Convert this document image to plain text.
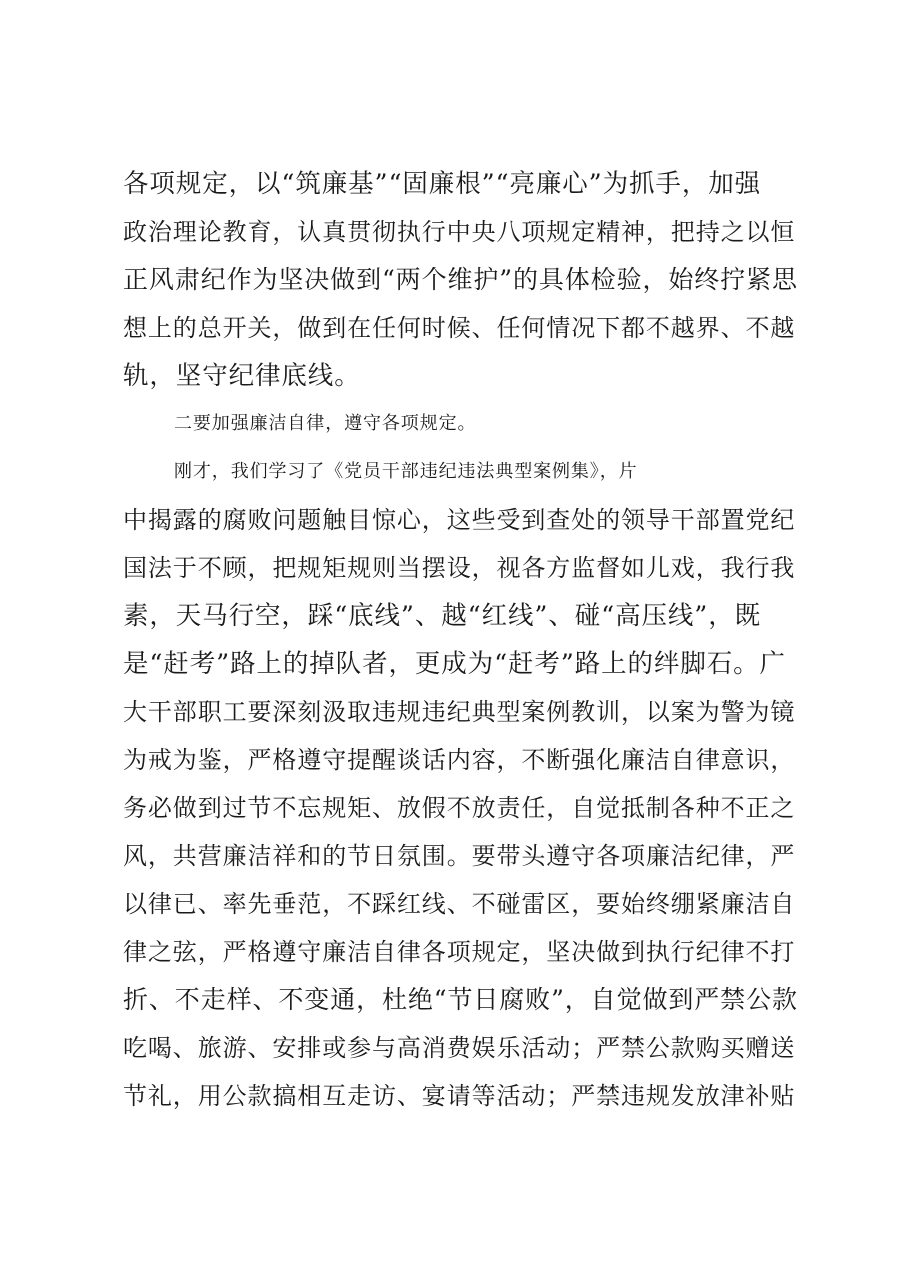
各项规定，以“筑廉基”“固廉根”“亮廉心”为抓手，加强
政治理论教育，认真贯彻执行中央八项规定精神，把持之以恒
正风肃纪作为坚决做到“两个维护”的具体检验，始终拧紧思
想上的总开关，做到在任何时候、任何情况下都不越界、不越
轨，坚守纪律底线。
二要加强廉洁自律，遵守各项规定。
刚才，我们学习了《党员干部违纪违法典型案例集》，片
中揭露的腐败问题触目惊心，这些受到查处的领导干部置党纪
国法于不顾，把规矩规则当摆设，视各方监督如儿戏，我行我
素，天马行空，踩“底线”、越“红线”、碰“高压线”，既
是“赶考”路上的掉队者，更成为“赶考”路上的绊脚石。广
大干部职工要深刻汲取违规违纪典型案例教训，以案为警为镜
为戒为鉴，严格遵守提醒谈话内容，不断强化廉洁自律意识，
务必做到过节不忘规矩、放假不放责任，自觉抵制各种不正之
风，共营廉洁祥和的节日氛围。要带头遵守各项廉洁纪律，严
以律已、率先垂范，不踩红线、不碰雷区，要始终绷紧廉洁自
律之弦，严格遵守廉洁自律各项规定，坚决做到执行纪律不打
折、不走样、不变通，杜绝“节日腐败”，自觉做到严禁公款
吃喝、旅游、安排或参与高消费娱乐活动；严禁公款购买赠送
节礼，用公款搞相互走访、宴请等活动；严禁违规发放津补贴
